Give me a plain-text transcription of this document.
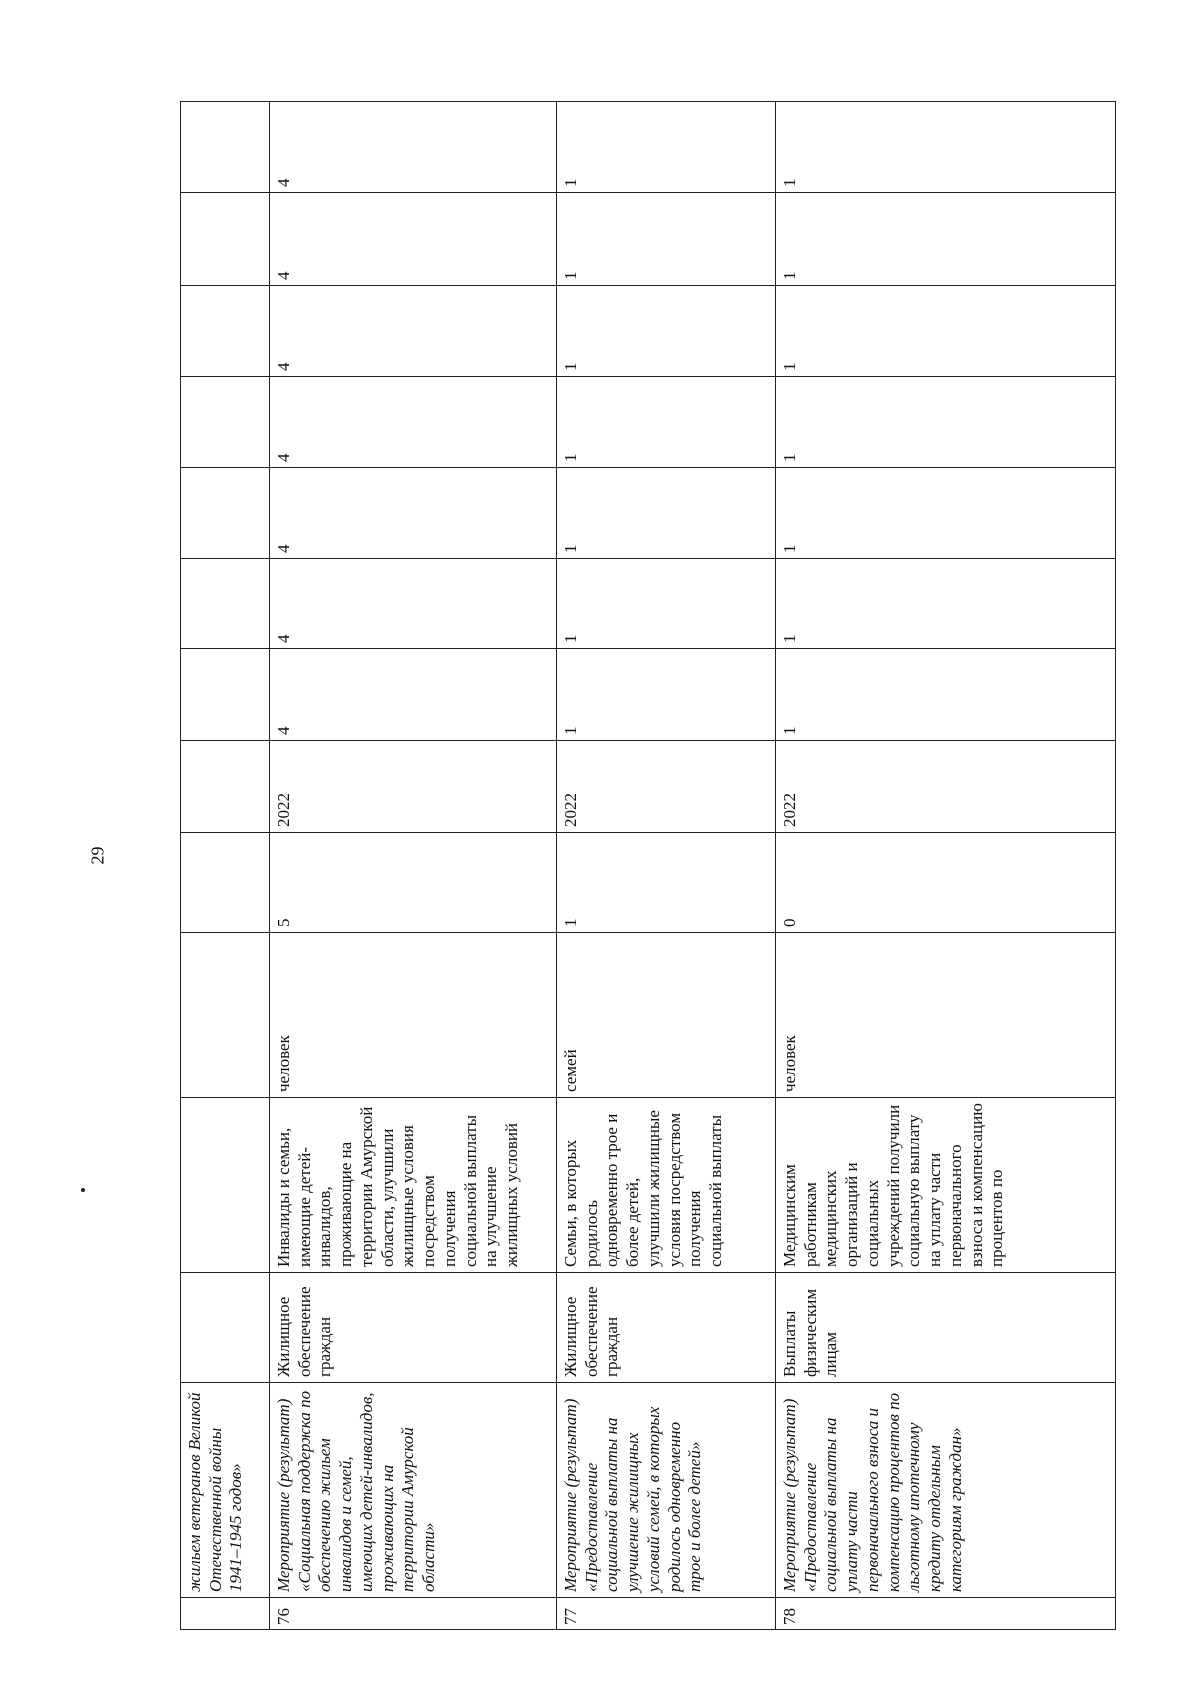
29
	жильем ветеранов Великой Отечественной войны 1941–1945 годов»												
76	Мероприятие (результат) «Социальная поддержка по обеспечению жильем инвалидов и семей, имеющих детей-инвалидов, проживающих на территории Амурской области»	Жилищное обеспечение граждан	Инвалиды и семьи, имеющие детей-инвалидов, проживающие на территории Амурской области, улучшили жилищные условия посредством получения социальной выплаты на улучшение жилищных условий	человек	5	2022	4	4	4	4	4	4	4
77	Мероприятие (результат) «Предоставление социальной выплаты на улучшение жилищных условий семей, в которых родилось одновременно трое и более детей»	Жилищное обеспечение граждан	Семьи, в которых родилось одновременно трое и более детей, улучшили жилищные условия посредством получения социальной выплаты	семей	1	2022	1	1	1	1	1	1	1
78	Мероприятие (результат) «Предоставление социальной выплаты на уплату части первоначального взноса и компенсацию процентов по льготному ипотечному кредиту отдельным категориям граждан»	Выплаты физическим лицам	Медицинским работникам медицинских организаций и социальных учреждений получили социальную выплату на уплату части первоначального взноса и компенсацию процентов по	человек	0	2022	1	1	1	1	1	1	1
